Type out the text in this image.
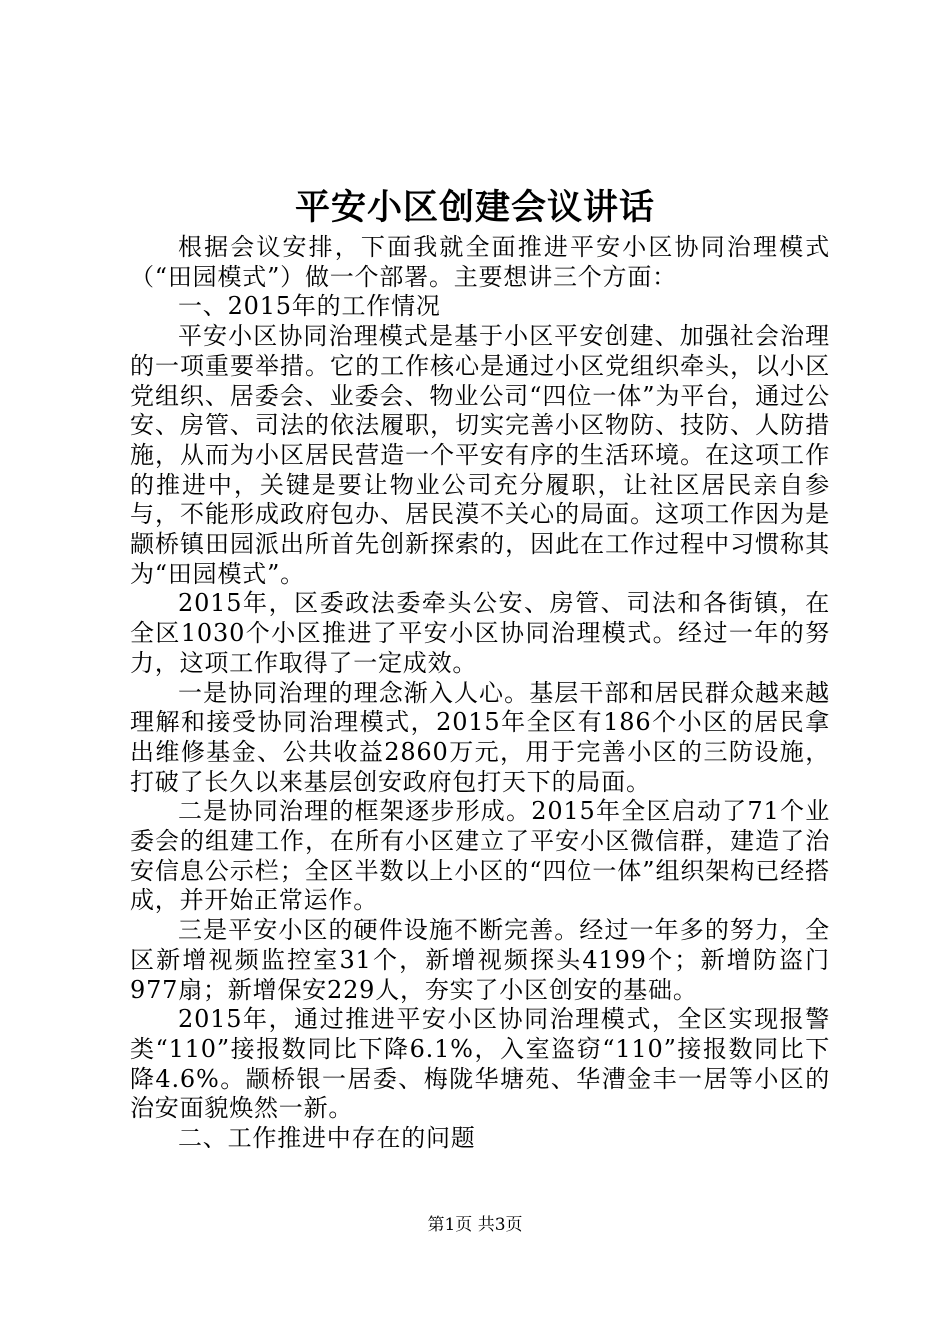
平安小区创建会议讲话

根据会议安排，下面我就全面推进平安小区协同治理模式（“田园模式”）做一个部署。主要想讲三个方面：

一、2015年的工作情况

平安小区协同治理模式是基于小区平安创建、加强社会治理的一项重要举措。它的工作核心是通过小区党组织牵头，以小区党组织、居委会、业委会、物业公司“四位一体”为平台，通过公安、房管、司法的依法履职，切实完善小区物防、技防、人防措施，从而为小区居民营造一个平安有序的生活环境。在这项工作的推进中，关键是要让物业公司充分履职，让社区居民亲自参与，不能形成政府包办、居民漠不关心的局面。这项工作因为是颛桥镇田园派出所首先创新探索的，因此在工作过程中习惯称其为“田园模式”。

2015年，区委政法委牵头公安、房管、司法和各街镇，在全区1030个小区推进了平安小区协同治理模式。经过一年的努力，这项工作取得了一定成效。

一是协同治理的理念渐入人心。基层干部和居民群众越来越理解和接受协同治理模式，2015年全区有186个小区的居民拿出维修基金、公共收益2860万元，用于完善小区的三防设施，打破了长久以来基层创安政府包打天下的局面。

二是协同治理的框架逐步形成。2015年全区启动了71个业委会的组建工作，在所有小区建立了平安小区微信群，建造了治安信息公示栏；全区半数以上小区的“四位一体”组织架构已经搭成，并开始正常运作。

三是平安小区的硬件设施不断完善。经过一年多的努力，全区新增视频监控室31个，新增视频探头4199个；新增防盗门977扇；新增保安229人，夯实了小区创安的基础。

2015年，通过推进平安小区协同治理模式，全区实现报警类“110”接报数同比下降6.1%，入室盗窃“110”接报数同比下降4.6%。颛桥银一居委、梅陇华塘苑、华漕金丰一居等小区的治安面貌焕然一新。

二、工作推进中存在的问题

第1页 共3页
